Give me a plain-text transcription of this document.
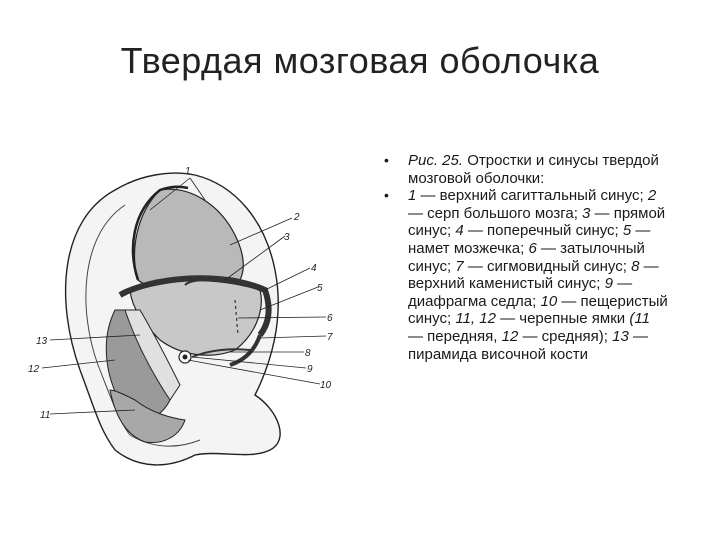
Твердая мозговая оболочка
1
2
3
4
5
6
7
8
9
10
11
12
13
• Рис. 25. Отростки и синусы твердой мозговой оболочки:
• 1 — верхний сагиттальный синус; 2 — серп большого мозга; 3 — прямой синус; 4 — поперечный синус; 5 — намет мозжечка; 6 — затылочный синус; 7 — сигмовидный синус; 8 — верхний каменистый синус; 9 — диафрагма седла; 10 — пещеристый синус; 11, 12 — черепные ямки (11 — передняя, 12 — средняя); 13 — пирамида височной кости
